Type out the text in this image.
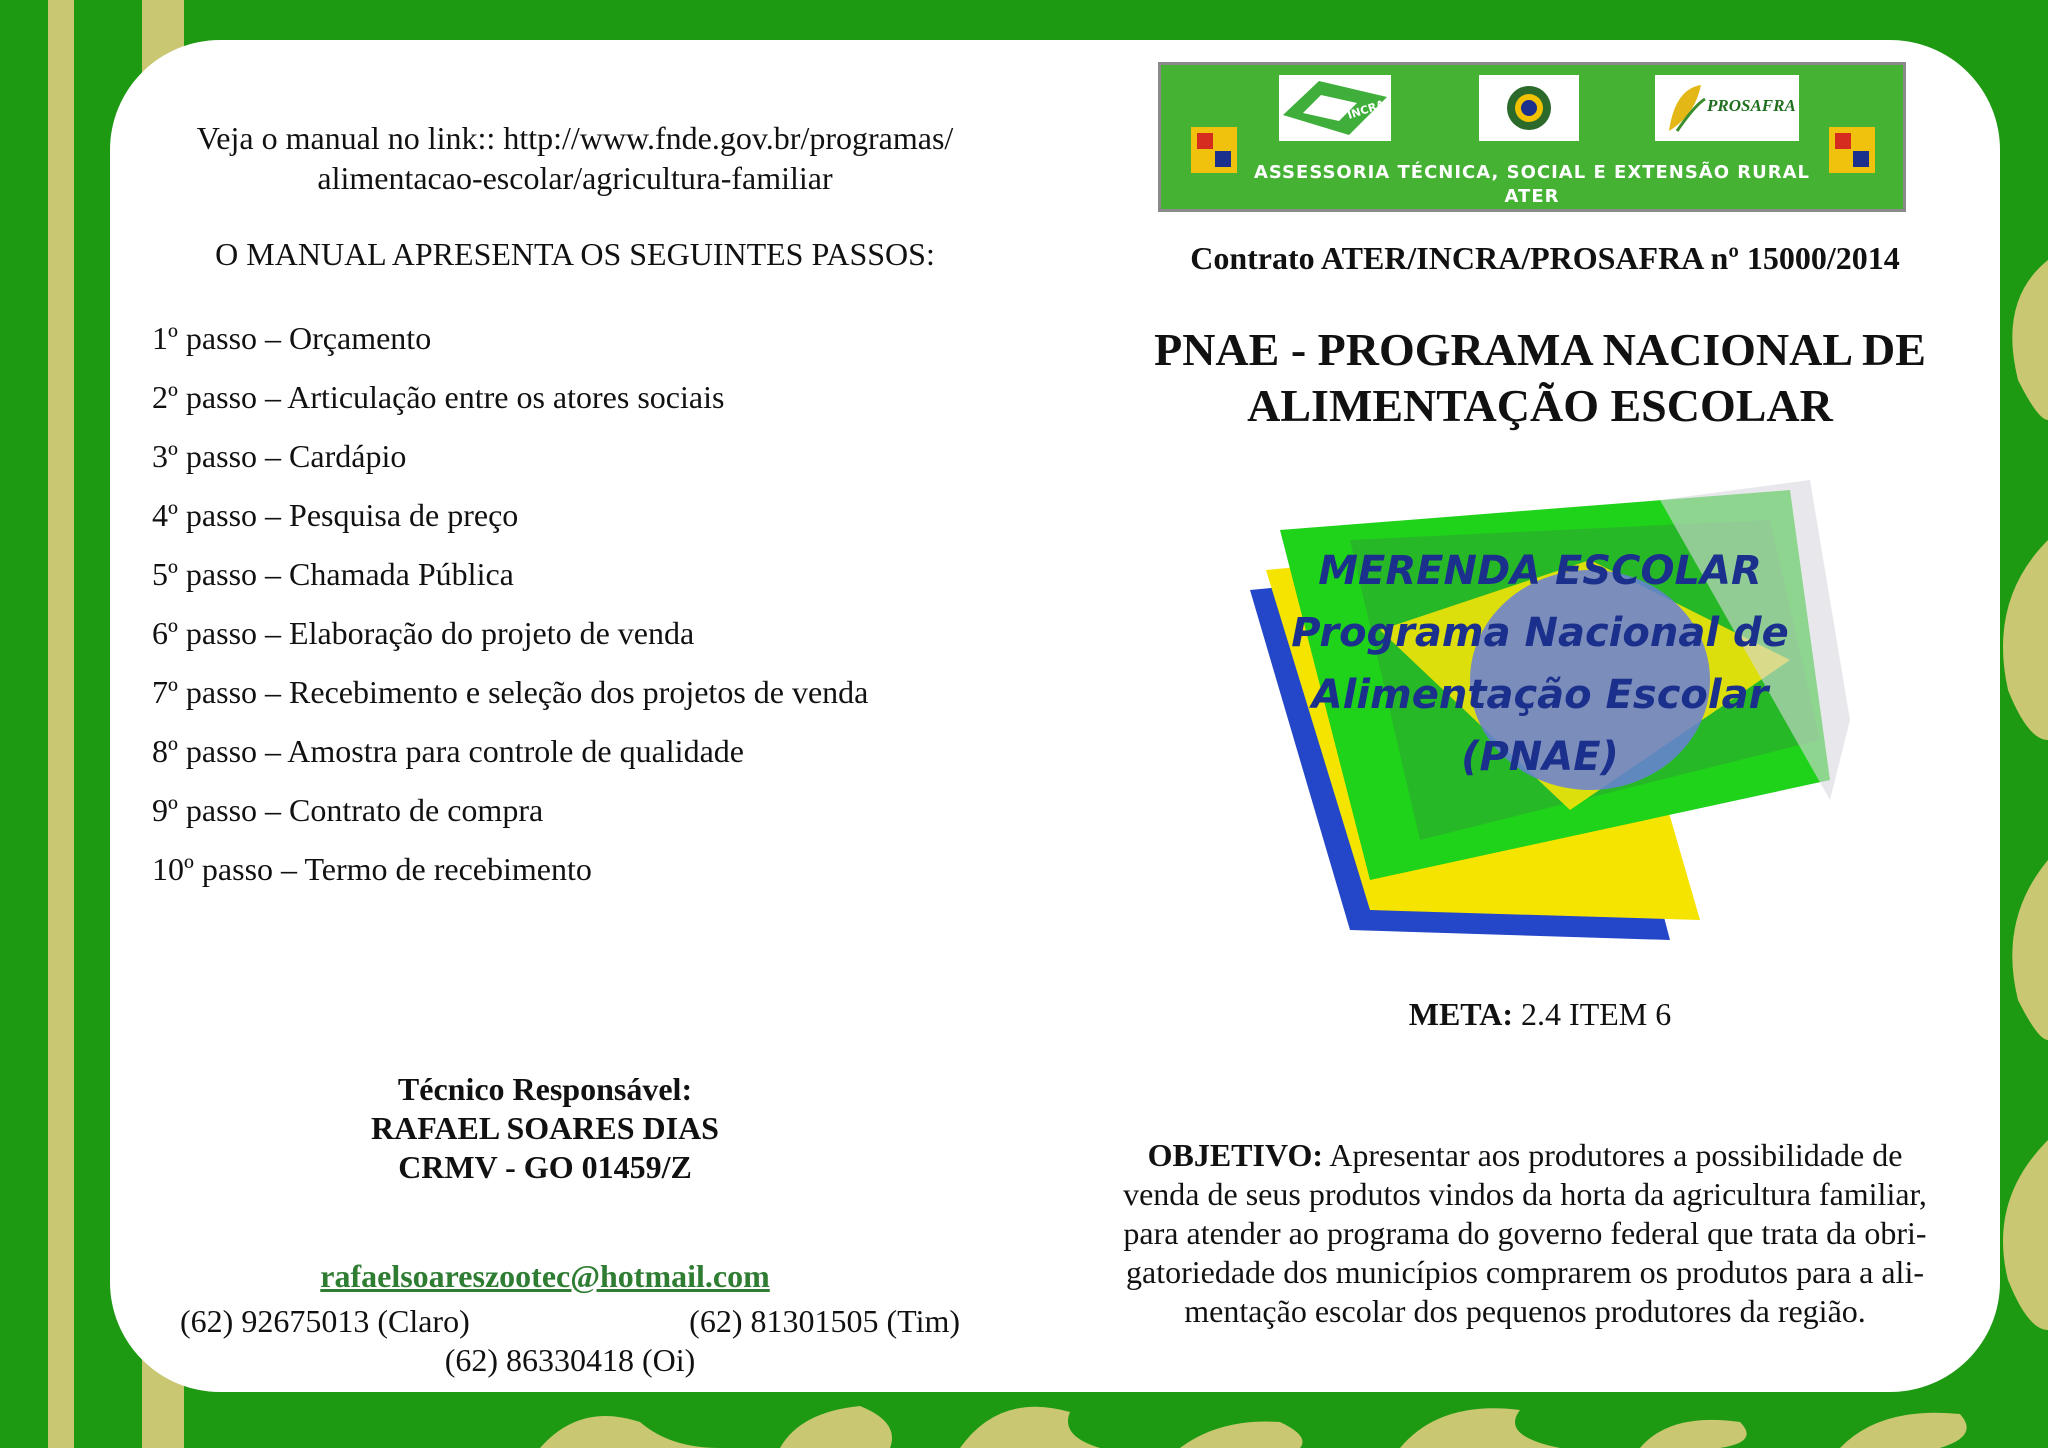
Veja o manual no link:: http://www.fnde.gov.br/programas/
alimentacao-escolar/agricultura-familiar
O MANUAL APRESENTA OS SEGUINTES PASSOS:
1º passo – Orçamento
2º passo – Articulação entre os atores sociais
3º passo – Cardápio
4º passo – Pesquisa de preço
5º passo – Chamada Pública
6º passo – Elaboração do projeto de venda
7º passo – Recebimento e seleção dos projetos de venda
8º passo – Amostra para controle de qualidade
9º passo – Contrato de compra
10º passo – Termo de recebimento
Técnico Responsável:
RAFAEL SOARES DIAS
CRMV - GO 01459/Z
rafaelsoareszootec@hotmail.com
(62) 92675013 (Claro)	(62) 81301505 (Tim)
(62) 86330418 (Oi)
INCRA	PROSAFRA
ASSESSORIA TÉCNICA, SOCIAL E EXTENSÃO RURAL
ATER
Contrato ATER/INCRA/PROSAFRA nº 15000/2014
PNAE - PROGRAMA NACIONAL DE
ALIMENTAÇÃO ESCOLAR
MERENDA ESCOLAR
Programa Nacional de
Alimentação Escolar
(PNAE)
META: 2.4 ITEM 6
OBJETIVO: Apresentar aos produtores a possibilidade de
venda de seus produtos vindos da horta da agricultura familiar,
para atender ao programa do governo federal que trata da obri-
gatoriedade dos municípios comprarem os produtos para a ali-
mentação escolar dos pequenos produtores da região.
